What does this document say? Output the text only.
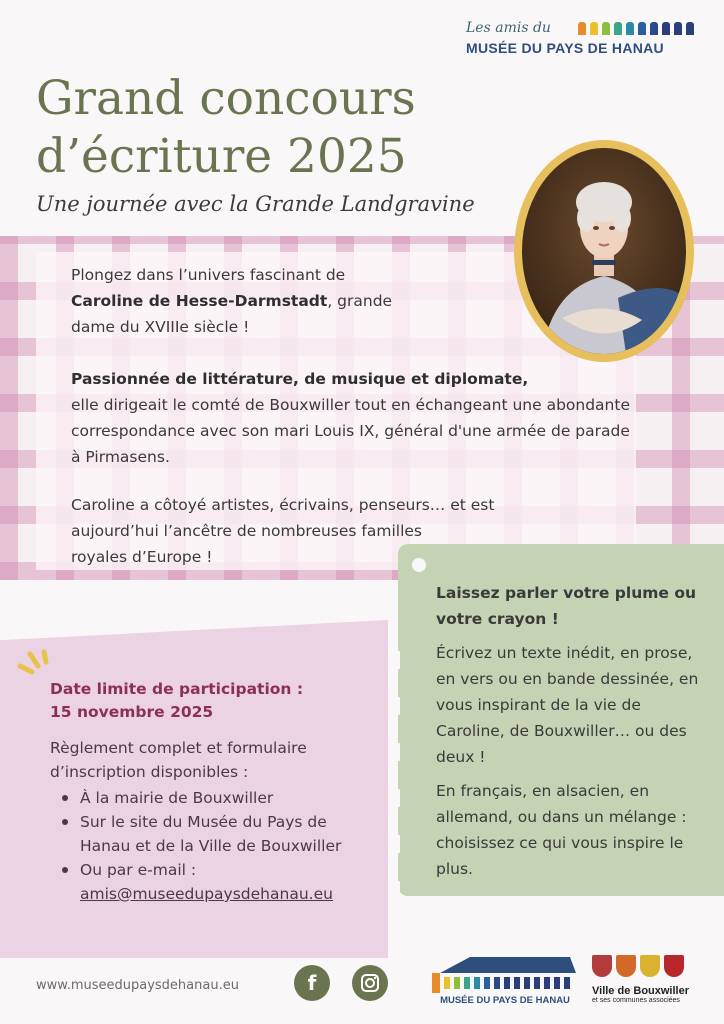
Les amis du
MUSÉE DU PAYS DE HANAU
Grand concours d’écriture 2025
Une journée avec la Grande Landgravine

Plongez dans l’univers fascinant de Caroline de Hesse-Darmstadt, grande dame du XVIIIe siècle !

Passionnée de littérature, de musique et diplomate,
elle dirigeait le comté de Bouxwiller tout en échangeant une abondante correspondance avec son mari Louis IX, général d'une armée de parade à Pirmasens.

Caroline a côtoyé artistes, écrivains, penseurs… et est aujourd’hui l’ancêtre de nombreuses familles
royales d’Europe !

Laissez parler votre plume ou votre crayon !

Écrivez un texte inédit, en prose, en vers ou en bande dessinée, en vous inspirant de la vie de Caroline, de Bouxwiller… ou des deux !

En français, en alsacien, en allemand, ou dans un mélange : choisissez ce qui vous inspire le plus.

Date limite de participation :
15 novembre 2025

Règlement complet et formulaire d’inscription disponibles :

À la mairie de Bouxwiller
Sur le site du Musée du Pays de Hanau et de la Ville de Bouxwiller
Ou par e-mail :
amis@museedupaysdehanau.eu
www.museedupaysdehanau.eu	f
MUSÉE DU PAYS DE HANAU
Ville de Bouxwiller
et ses communes associées
